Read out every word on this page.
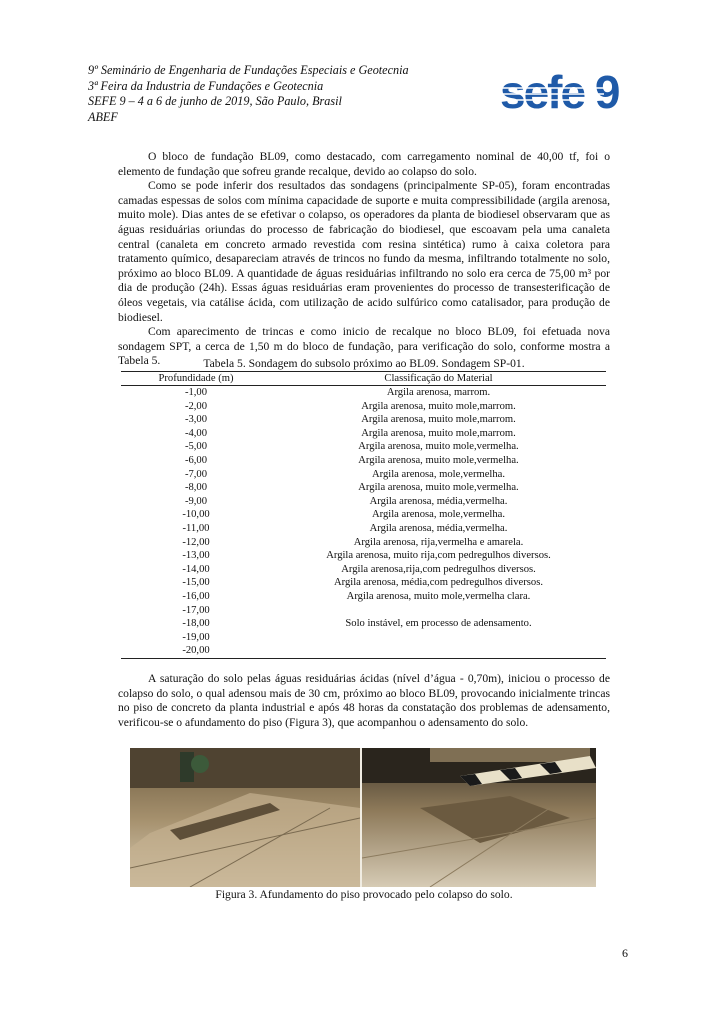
9º Seminário de Engenharia de Fundações Especiais e Geotecnia
3ª Feira da Industria de Fundações e Geotecnia
SEFE 9 – 4 a 6 de junho de 2019, São Paulo, Brasil
ABEF	sefe 9

O bloco de fundação BL09, como destacado, com carregamento nominal de 40,00 tf, foi o elemento de fundação que sofreu grande recalque, devido ao colapso do solo.

Como se pode inferir dos resultados das sondagens (principalmente SP-05), foram encontradas camadas espessas de solos com mínima capacidade de suporte e muita compressibilidade (argila arenosa, muito mole). Dias antes de se efetivar o colapso, os operadores da planta de biodiesel observaram que as águas residuárias oriundas do processo de fabricação do biodiesel, que escoavam pela uma canaleta central (canaleta em concreto armado revestida com resina sintética) rumo à caixa coletora para tratamento químico, desapareciam através de trincos no fundo da mesma, infiltrando totalmente no solo, próximo ao bloco BL09. A quantidade de águas residuárias infiltrando no solo era cerca de 75,00 m³ por dia de produção (24h). Essas águas residuárias eram provenientes do processo de transesterificação de óleos vegetais, via catálise ácida, com utilização de acido sulfúrico como catalisador, para produção de biodiesel.

Com aparecimento de trincas e como inicio de recalque no bloco BL09, foi efetuada nova sondagem SPT, a cerca de 1,50 m do bloco de fundação, para verificação do solo, conforme mostra a Tabela 5.	Tabela 5. Sondagem do subsolo próximo ao BL09. Sondagem SP-01.
Profundidade (m)	Classificação do Material
-1,00	Argila arenosa, marrom.
-2,00	Argila arenosa, muito mole,marrom.
-3,00	Argila arenosa, muito mole,marrom.
-4,00	Argila arenosa, muito mole,marrom.
-5,00	Argila arenosa, muito mole,vermelha.
-6,00	Argila arenosa, muito mole,vermelha.
-7,00	Argila arenosa, mole,vermelha.
-8,00	Argila arenosa, muito mole,vermelha.
-9,00	Argila arenosa, média,vermelha.
-10,00	Argila arenosa, mole,vermelha.
-11,00	Argila arenosa, média,vermelha.
-12,00	Argila arenosa, rija,vermelha e amarela.
-13,00	Argila arenosa, muito rija,com pedregulhos diversos.
-14,00	Argila arenosa,rija,com pedregulhos diversos.
-15,00	Argila arenosa, média,com pedregulhos diversos.
-16,00	Argila arenosa, muito mole,vermelha clara.
-17,00	
-18,00	Solo instável, em processo de adensamento.
-19,00	
-20,00	

A saturação do solo pelas águas residuárias ácidas (nível d’água - 0,70m), iniciou o processo de colapso do solo, o qual adensou mais de 30 cm, próximo ao bloco BL09, provocando inicialmente trincas no piso de concreto da planta industrial e após 48 horas da constatação dos problemas de adensamento, verificou-se o afundamento do piso (Figura 3), que acompanhou o adensamento do solo.

Figura 3. Afundamento do piso provocado pelo colapso do solo.
6
